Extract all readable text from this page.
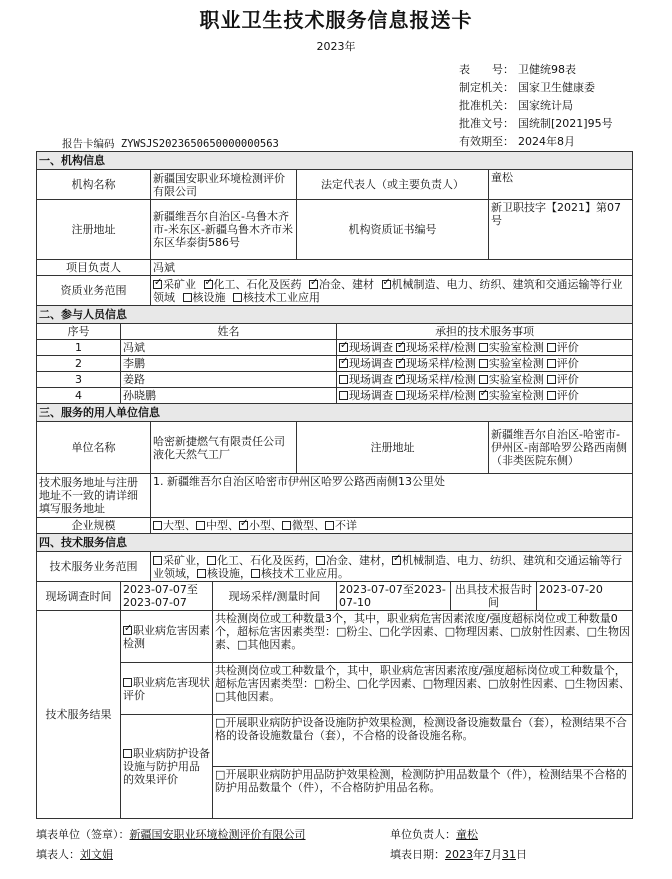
职业卫生技术服务信息报送卡
2023年
表　　号： 卫健统98表
制定机关： 国家卫生健康委
批准机关： 国家统计局
批准文号： 国统制[2021]95号
有效期至： 2024年8月
报告卡编码 ZYWSJS2023650650000000563
一、机构信息								
机构名称		新疆国安职业环境检测评价有限公司		法定代表人（或主要负责人）			童松	
注册地址		新疆维吾尔自治区-乌鲁木齐市-米东区-新疆乌鲁木齐市米东区华泰街586号		机构资质证书编号			新卫职技字【2021】第07号	
项目负责人		冯斌						
资质业务范围	✓采矿业 ✓ 化工、石化及医药 ✓ 冶金、建材 ✓ 机械制造、电力、纺织、建筑和交通运输等行业领域 核设施 核技术工业应用
二、参与人员信息								
序号	姓名				承担的技术服务事项			
1	冯斌	✓现场调查 ✓ 现场采样/检测 实验室检测 评价
2	李鹏	✓现场调查 ✓ 现场采样/检测 实验室检测 评价
3	姜路				现场调查 ✓ 现场采样/检测 实验室检测 评价
4	孙晓鹏				现场调查 现场采样/检测 ✓ 实验室检测 评价
三、服务的用人单位信息								
单位名称		哈密新捷燃气有限责任公司液化天然气工厂		注册地址			新疆维吾尔自治区-哈密市-伊州区-南部哈罗公路西南侧（非类医院东侧）	
技术服务地址与注册地址不一致的请详细填写服务地址		1. 新疆维吾尔自治区哈密市伊州区哈罗公路西南侧13公里处						
企业规模		大型、 中型、 ✓ 小型、 微型、 不详
四、技术服务信息								
技术服务业务范围		采矿业， 化工、石化及医药， 冶金、建材， ✓ 机械制造、电力、纺织、建筑和交通运输等行业领域， 核设施， 核技术工业应用。
现场调查时间	2023-07-07至2023-07-07		现场采样/测量时间		2023-07-07至2023-07-10	出具技术报告时间		2023-07-20
技术服务结果	✓职业病危害因素检测		共检测岗位或工种数量3个，其中，职业病危害因素浓度/强度超标岗位或工种数量0个，超标危害因素类型：□粉尘、□化学因素、□物理因素、□放射性因素、□生物因素、□其他因素。					
	职业病危害现状评价		共检测岗位或工种数量个，其中，职业病危害因素浓度/强度超标岗位或工种数量个，超标危害因素类型：□粉尘、□化学因素、□物理因素、□放射性因素、□生物因素、□其他因素。					
	职业病防护设备设施与防护用品的效果评价		□开展职业病防护设备设施防护效果检测，检测设备设施数量台（套），检测结果不合格的设备设施数量台（套），不合格的设备设施名称。					
			□开展职业病防护用品防护效果检测，检测防护用品数量个（件），检测结果不合格的防护用品数量个（件），不合格防护用品名称。					
填表单位（签章）：新疆国安职业环境检测评价有限公司	单位负责人：童松
填表人：刘文娟	填表日期：2023年7月31日
